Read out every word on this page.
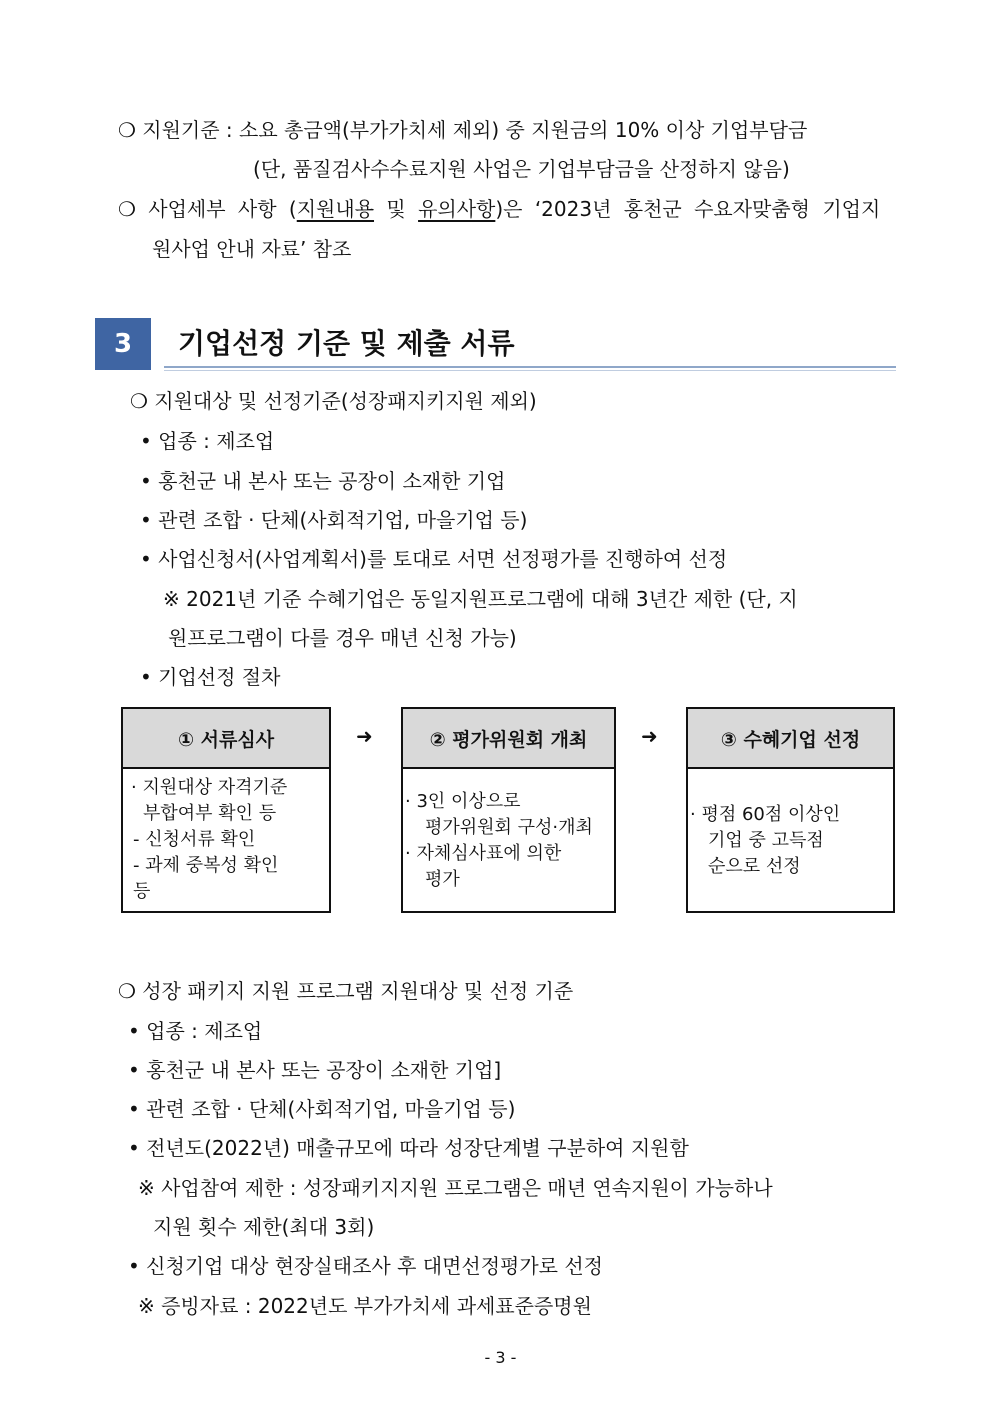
❍ 지원기준 : 소요 총금액(부가가치세 제외) 중 지원금의 10% 이상 기업부담금
(단, 품질검사수수료지원 사업은 기업부담금을 산정하지 않음)
❍ 사업세부 사항 (지원내용 및 유의사항)은 ‘2023년 홍천군 수요자맞춤형 기업지
원사업 안내 자료’ 참조
3	기업선정 기준 및 제출 서류
❍ 지원대상 및 선정기준(성장패지키지원 제외)
• 업종 : 제조업
• 홍천군 내 본사 또는 공장이 소재한 기업
• 관련 조합 · 단체(사회적기업, 마을기업 등)
• 사업신청서(사업계획서)를 토대로 서면 선정평가를 진행하여 선정
※ 2021년 기준 수혜기업은 동일지원프로그램에 대해 3년간 제한 (단, 지
원프로그램이 다를 경우 매년 신청 가능)
• 기업선정 절차
① 서류심사
· 지원대상 자격기준
부합여부 확인 등
- 신청서류 확인
- 과제 중복성 확인
등
➜	② 평가위원회 개최
· 3인 이상으로
평가위원회 구성·개최
· 자체심사표에 의한
평가
➜	③ 수혜기업 선정
· 평점 60점 이상인
기업 중 고득점
순으로 선정
❍ 성장 패키지 지원 프로그램 지원대상 및 선정 기준
• 업종 : 제조업
• 홍천군 내 본사 또는 공장이 소재한 기업]
• 관련 조합 · 단체(사회적기업, 마을기업 등)
• 전년도(2022년) 매출규모에 따라 성장단계별 구분하여 지원함
※ 사업참여 제한 : 성장패키지지원 프로그램은 매년 연속지원이 가능하나
지원 횟수 제한(최대 3회)
• 신청기업 대상 현장실태조사 후 대면선정평가로 선정
※ 증빙자료 : 2022년도 부가가치세 과세표준증명원
- 3 -
